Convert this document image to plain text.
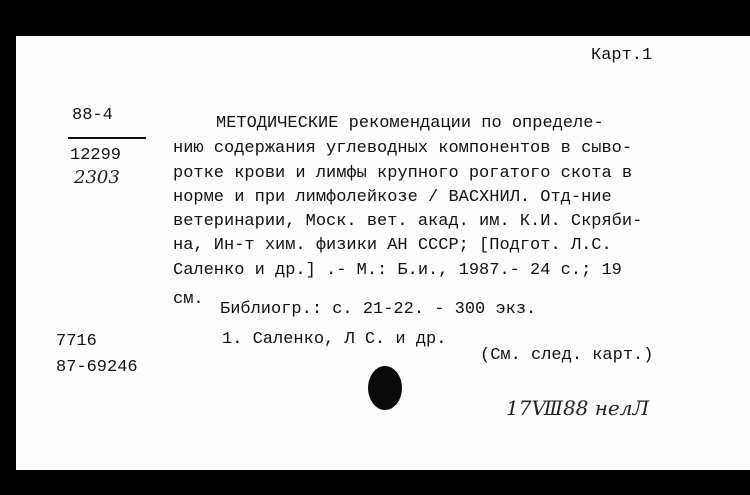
Карт.1
88-4
12299
2303
МЕТОДИЧЕСКИЕ рекомендации по определе-
нию содержания углеводных компонентов в сыво-
ротке крови и лимфы крупного рогатого скота в
норме и при лимфолейкозе / ВАСХНИЛ. Отд-ние
ветеринарии, Моск. вет. акад. им. К.И. Скряби-
на, Ин-т хим. физики АН СССР; [Подгот. Л.С.
Саленко и др.] .- М.: Б.и., 1987.- 24 с.; 19
см.
Библиогр.: с. 21-22. - 300 экз.
7716	1. Саленко, Л С. и др.
87-69246
(См. след. карт.)
17Ⅷ88 нелЛ
